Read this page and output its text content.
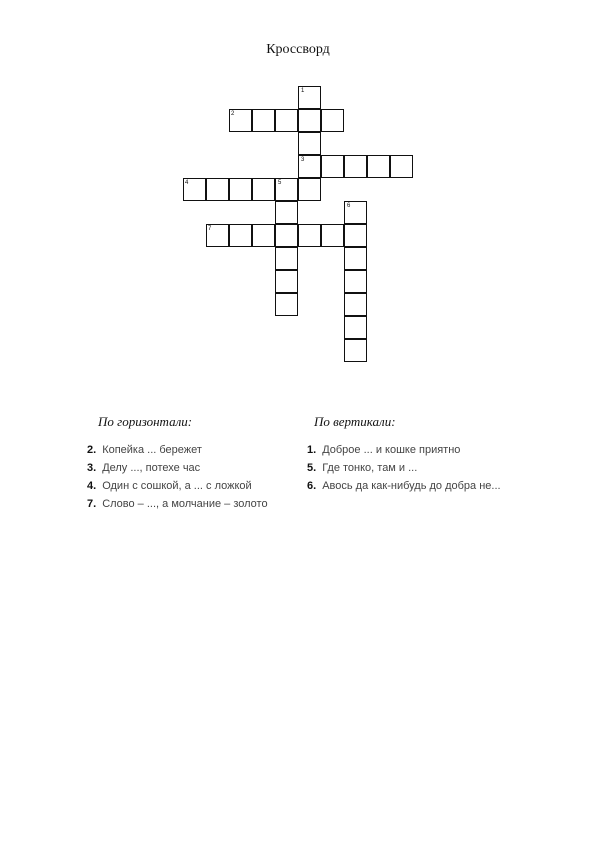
Кроссворд
1
2
3
4	5
6
7
По горизонтали:	По вертикали:
2. Копейка ... бережет
3. Делу ..., потехе час
4. Один с сошкой, а ... с ложкой
7. Слово – ..., а молчание – золото
1. Доброе ... и кошке приятно
5. Где тонко, там и ...
6. Авось да как-нибудь до добра не...
